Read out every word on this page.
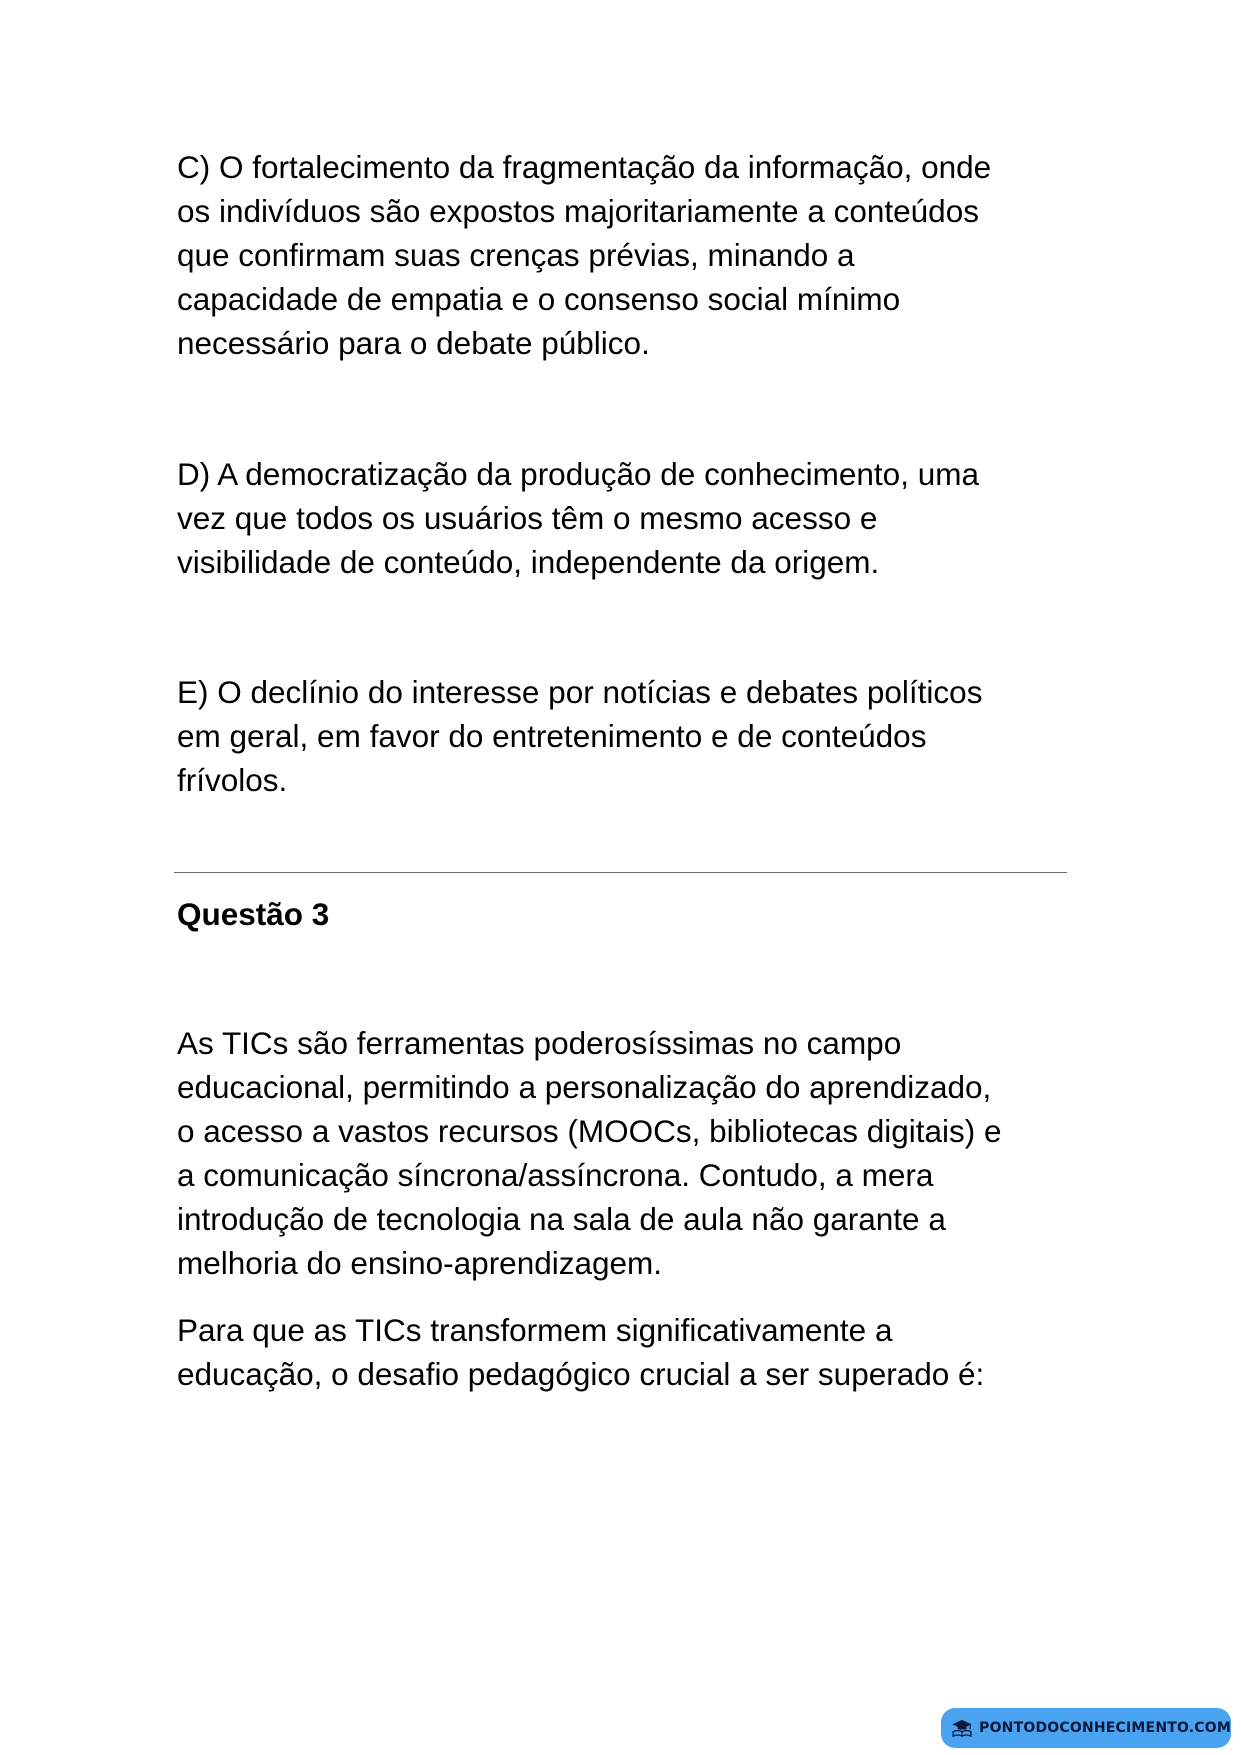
C) O fortalecimento da fragmentação da informação, onde
os indivíduos são expostos majoritariamente a conteúdos
que confirmam suas crenças prévias, minando a
capacidade de empatia e o consenso social mínimo
necessário para o debate público.

D) A democratização da produção de conhecimento, uma
vez que todos os usuários têm o mesmo acesso e
visibilidade de conteúdo, independente da origem.

E) O declínio do interesse por notícias e debates políticos
em geral, em favor do entretenimento e de conteúdos
frívolos.

Questão 3

As TICs são ferramentas poderosíssimas no campo
educacional, permitindo a personalização do aprendizado,
o acesso a vastos recursos (MOOCs, bibliotecas digitais) e
a comunicação síncrona/assíncrona. Contudo, a mera
introdução de tecnologia na sala de aula não garante a
melhoria do ensino-aprendizagem.

Para que as TICs transformem significativamente a
educação, o desafio pedagógico crucial a ser superado é:

PONTODOCONHECIMENTO.COM
